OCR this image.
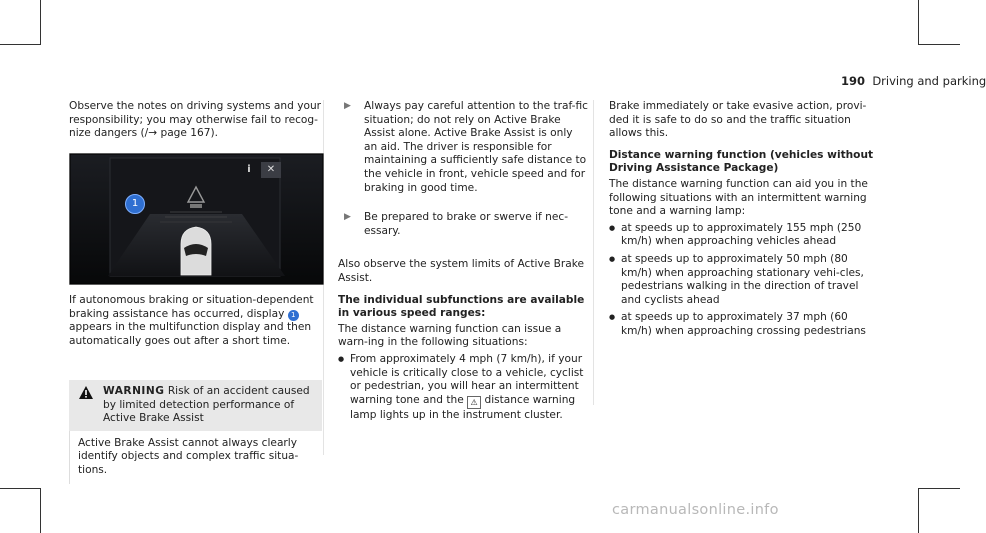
190 Driving and parking

Observe the notes on driving systems and your responsibility; you may otherwise fail to recog-nize dangers (/→ page 167).

✕
i
1

If autonomous braking or situation-dependent braking assistance has occurred, display 1 appears in the multifunction display and then automatically goes out after a short time.

WARNING Risk of an accident caused by limited detection performance of Active Brake Assist
Active Brake Assist cannot always clearly identify objects and complex traffic situa-tions.
▶ Always pay careful attention to the traf-fic situation; do not rely on Active Brake Assist alone. Active Brake Assist is only an aid. The driver is responsible for maintaining a sufficiently safe distance to the vehicle in front, vehicle speed and for braking in good time.
▶ Be prepared to brake or swerve if nec-essary.

Also observe the system limits of Active Brake Assist.

The individual subfunctions are available in various speed ranges:

The distance warning function can issue a warn-ing in the following situations:

● From approximately 4 mph (7 km/h), if your vehicle is critically close to a vehicle, cyclist or pedestrian, you will hear an intermittent warning tone and the ⚠ distance warning lamp lights up in the instrument cluster.

Brake immediately or take evasive action, provi-ded it is safe to do so and the traffic situation allows this.

Distance warning function (vehicles without Driving Assistance Package)

The distance warning function can aid you in the following situations with an intermittent warning tone and a warning lamp:

● at speeds up to approximately 155 mph (250 km/h) when approaching vehicles ahead
● at speeds up to approximately 50 mph (80 km/h) when approaching stationary vehi-cles, pedestrians walking in the direction of travel and cyclists ahead
● at speeds up to approximately 37 mph (60 km/h) when approaching crossing pedestrians
carmanualsonline.info
